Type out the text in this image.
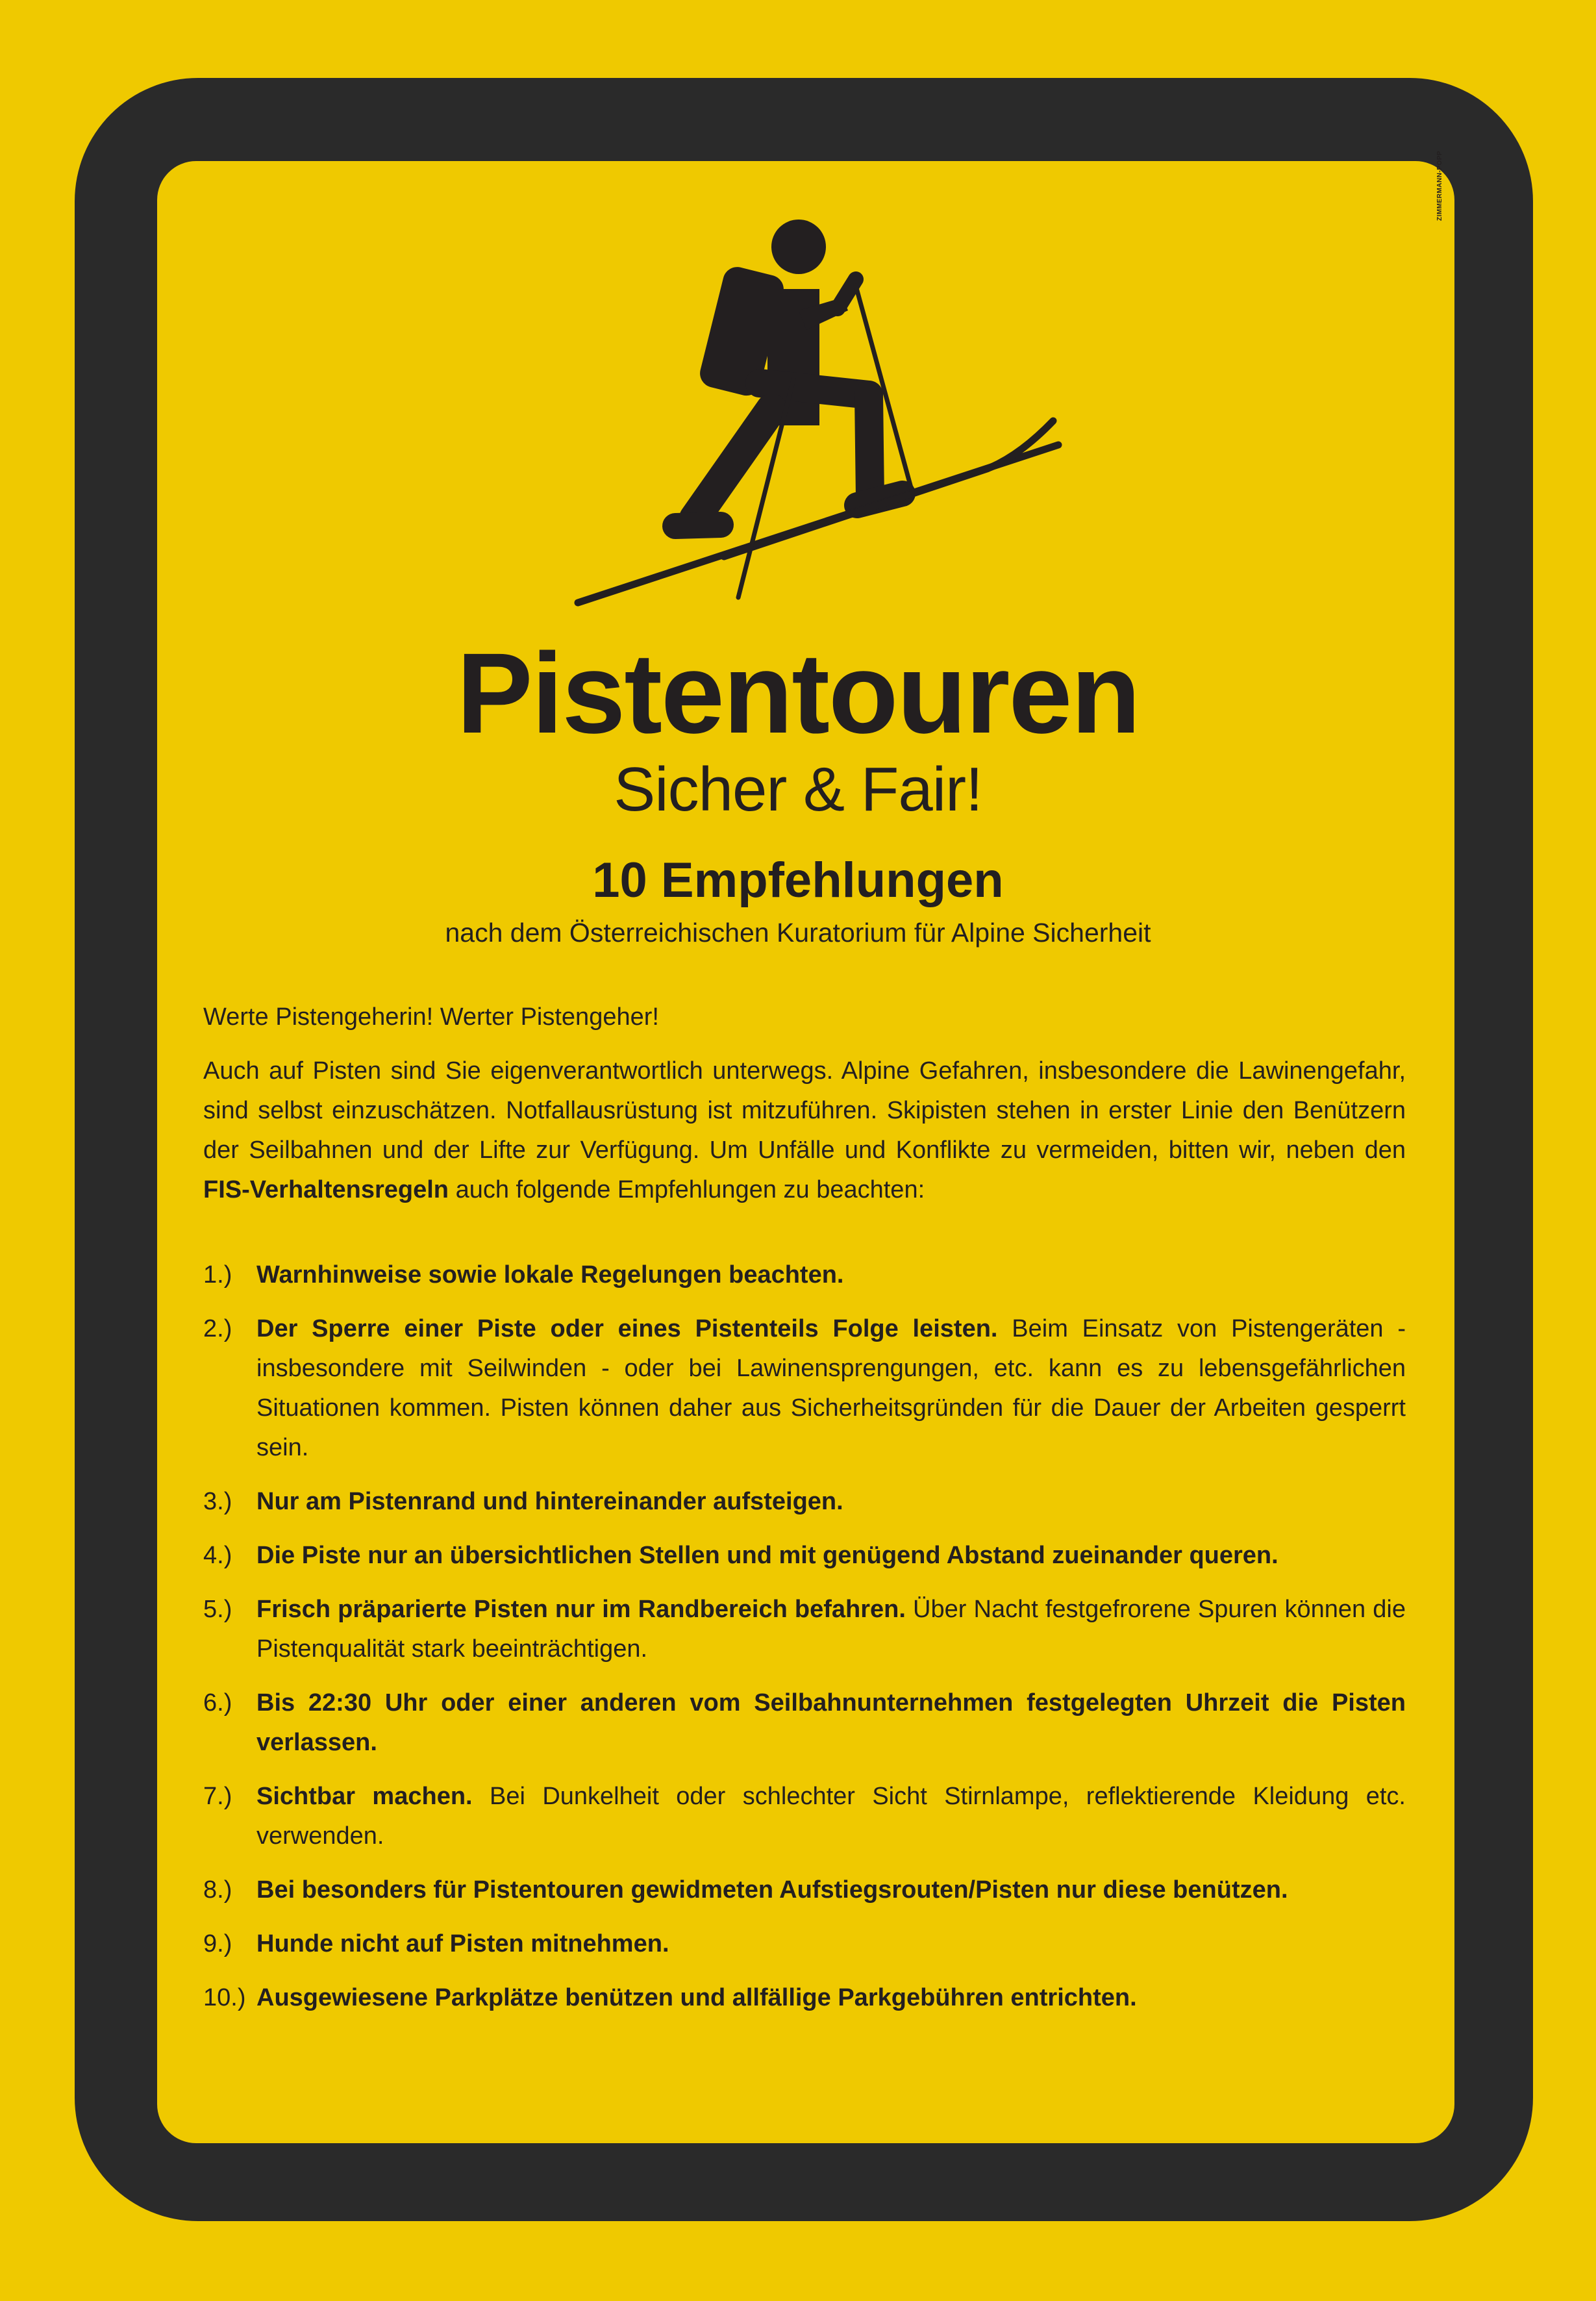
ZIMMERMANN-POPP
Pistentouren
Sicher & Fair!
10 Empfehlungen
nach dem Österreichischen Kuratorium für Alpine Sicherheit

Werte Pistengeherin! Werter Pistengeher!

Auch auf Pisten sind Sie eigenverantwortlich unterwegs. Alpine Gefahren, insbesondere die Lawinengefahr, sind selbst einzuschätzen. Notfallausrüstung ist mitzuführen. Skipisten stehen in erster Linie den Benützern der Seilbahnen und der Lifte zur Verfügung. Um Unfälle und Konflikte zu vermeiden, bitten wir, neben den FIS-Verhaltensregeln auch folgende Empfehlungen zu beachten:

1.) Warnhinweise sowie lokale Regelungen beachten.
2.) Der Sperre einer Piste oder eines Pistenteils Folge leisten. Beim Einsatz von Pistengeräten - insbesondere mit Seilwinden - oder bei Lawinensprengungen, etc. kann es zu lebensgefährlichen Situationen kommen. Pisten können daher aus Sicherheitsgründen für die Dauer der Arbeiten gesperrt sein.
3.) Nur am Pistenrand und hintereinander aufsteigen.
4.) Die Piste nur an übersichtlichen Stellen und mit genügend Abstand zueinander queren.
5.) Frisch präparierte Pisten nur im Randbereich befahren. Über Nacht festgefrorene Spuren können die Pistenqualität stark beeinträchtigen.
6.) Bis 22:30 Uhr oder einer anderen vom Seilbahnunternehmen festgelegten Uhrzeit die Pisten verlassen.
7.) Sichtbar machen. Bei Dunkelheit oder schlechter Sicht Stirnlampe, reflektierende Kleidung etc. verwenden.
8.) Bei besonders für Pistentouren gewidmeten Aufstiegsrouten/Pisten nur diese benützen.
9.) Hunde nicht auf Pisten mitnehmen.
10.) Ausgewiesene Parkplätze benützen und allfällige Parkgebühren entrichten.
